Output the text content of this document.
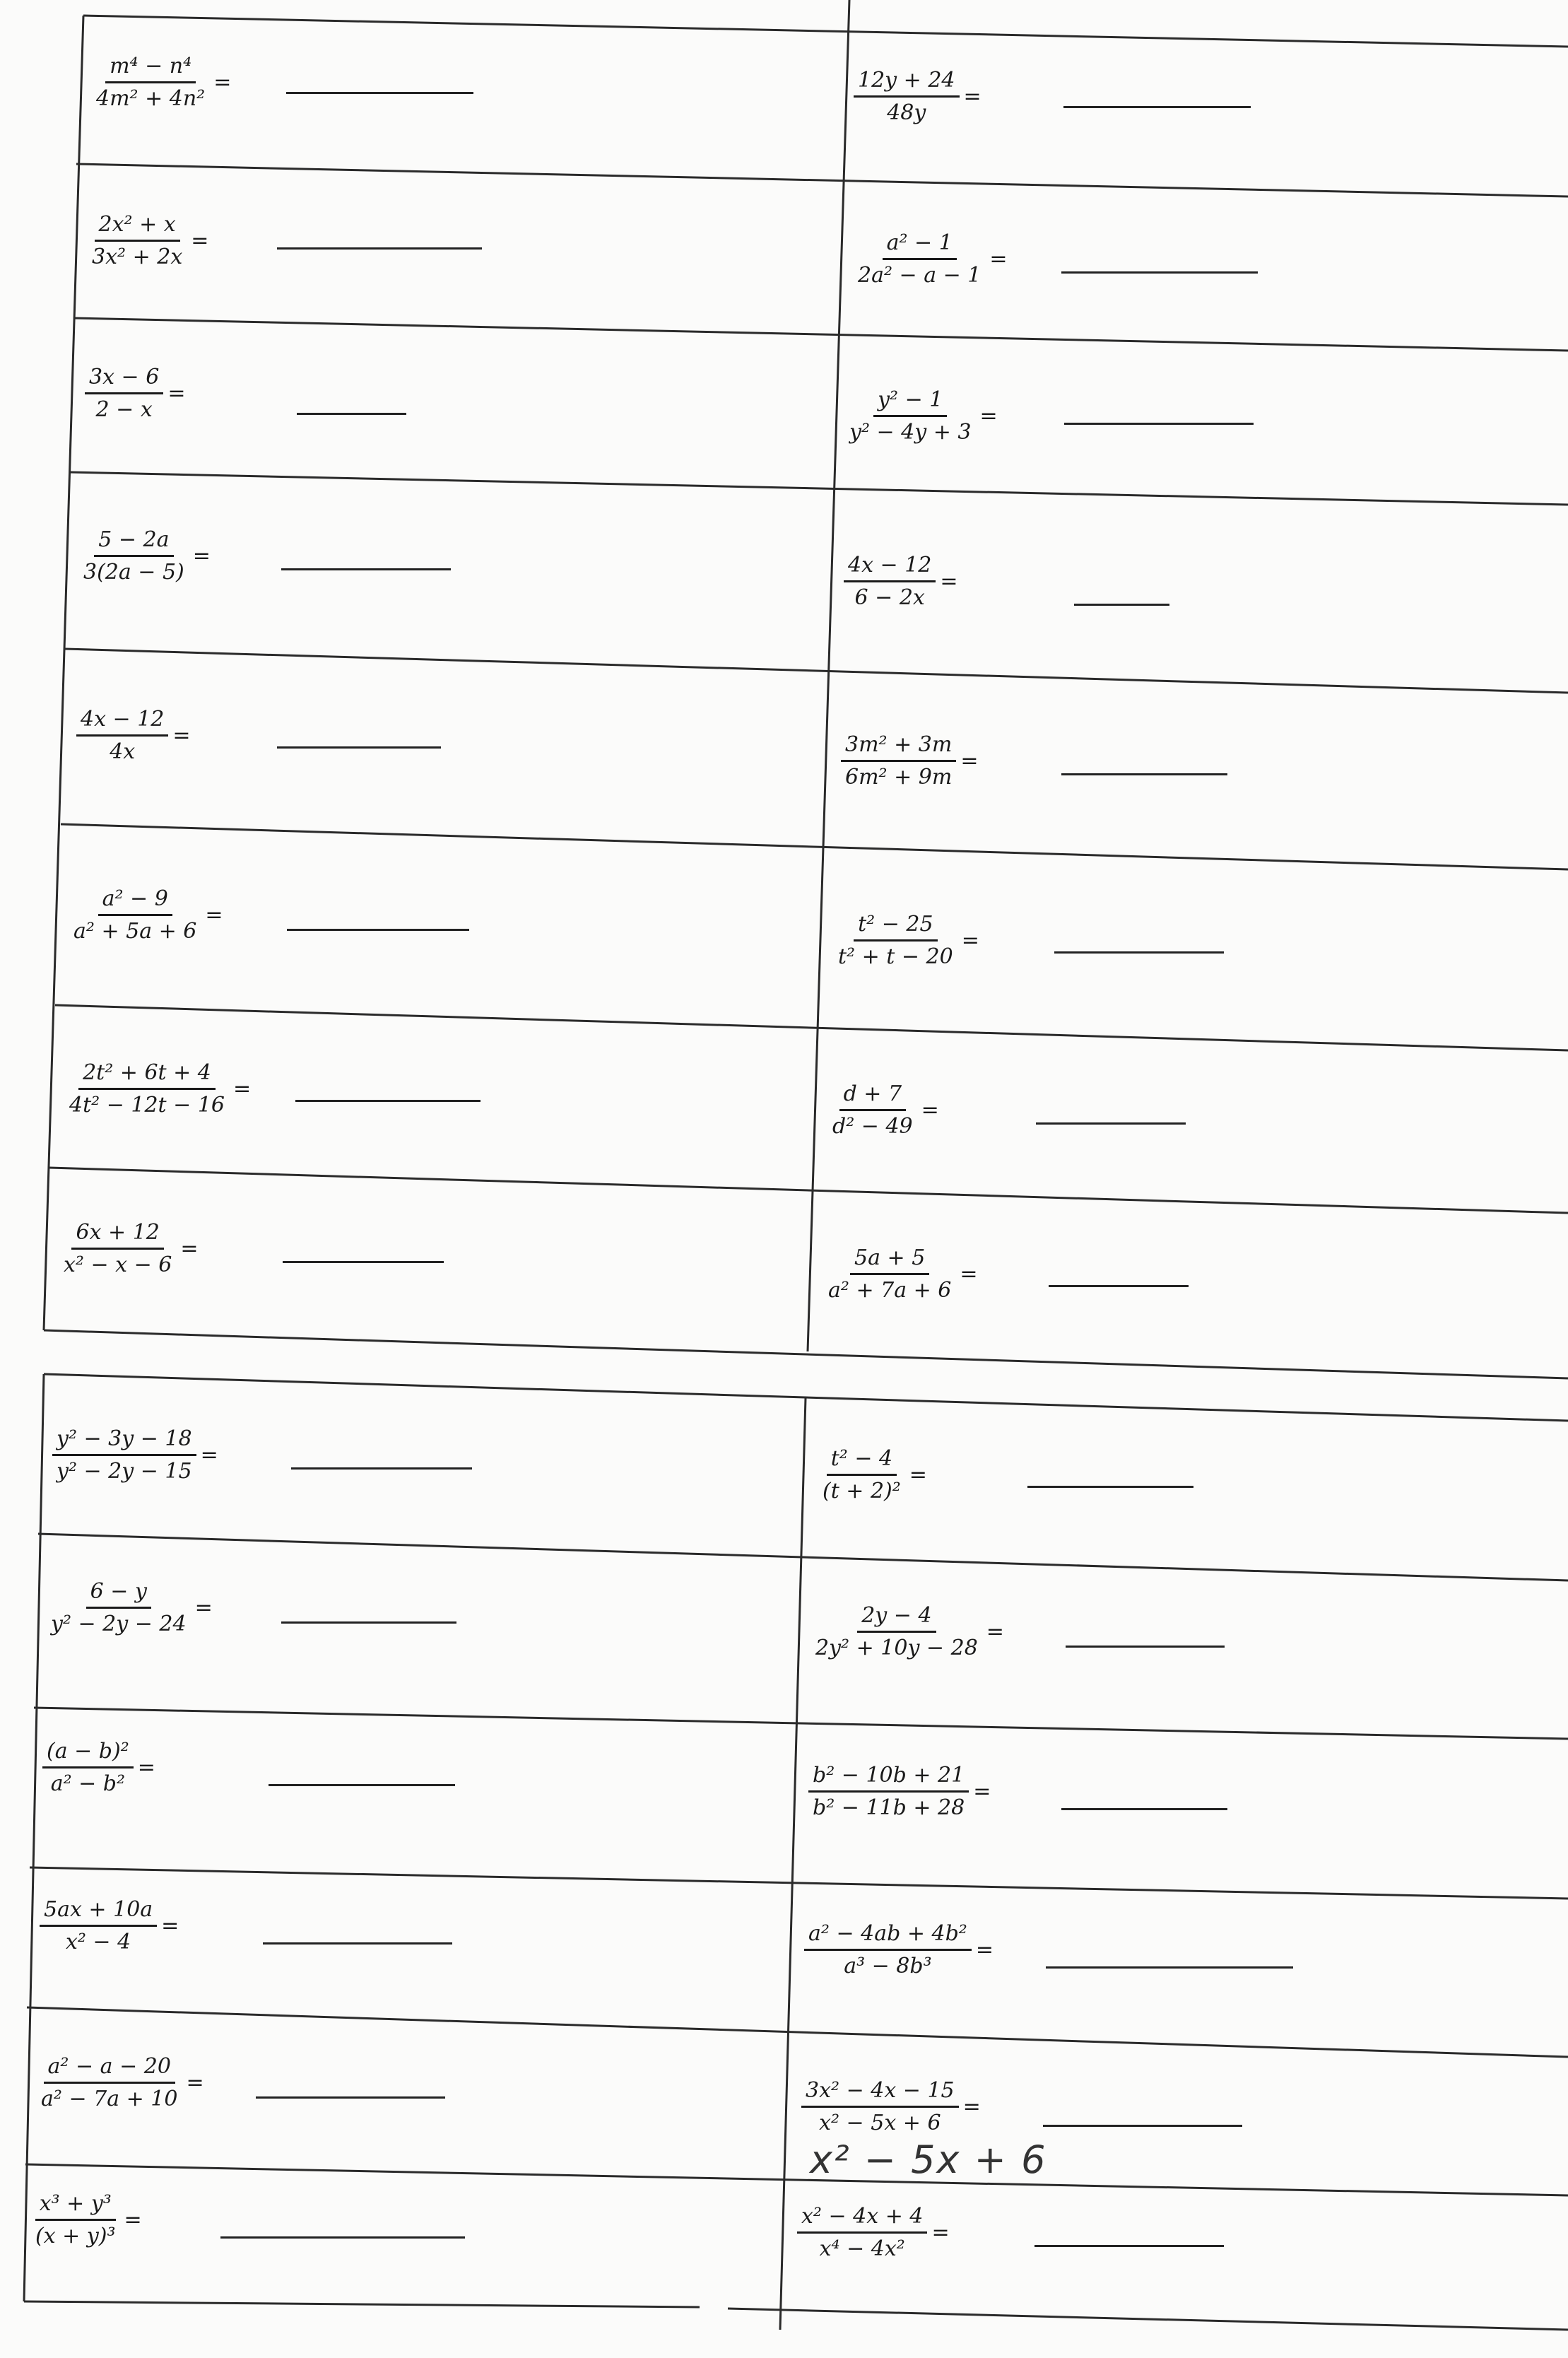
$\frac{\text{m⁴ − n⁴}}{\text{4m² + 4n²}}$ =	$\frac{12y + 24}{48y}$ =
$\frac{\text{2x² + x}}{\text{3x² + 2x}}$ =	$\frac{\text{a² − 1}}{\text{2a² − a − 1}}$ =
$\frac{3x - 6}{2 - x}$ =	$\frac{\text{y² − 1}}{\text{y² − 4y + 3}}$ =
$\frac{5 - 2a}{3(2a - 5)}$ =	$\frac{4x - 12}{6 - 2x}$ =
$\frac{4x - 12}{4x}$ =	$\frac{\text{3m² + 3m}}{\text{6m² + 9m}}$ =
$\frac{\text{a² − 9}}{\text{a² + 5a + 6}}$ =	$\frac{\text{t² − 25}}{\text{t² + t − 20}}$ =
$\frac{\text{2t² + 6t + 4}}{\text{4t² − 12t − 16}}$ =	$\frac{d + 7}{\text{d² − 49}}$ =
$\frac{6x + 12}{\text{x² − x − 6}}$ =	$\frac{5a + 5}{\text{a² + 7a + 6}}$ =
$\frac{\text{y² − 3y − 18}}{\text{y² − 2y − 15}}$ =	$\frac{\text{t² − 4}}{\text{(t + 2)²}}$ =
$\frac{6 - y}{\text{y² − 2y − 24}}$ =	$\frac{2y - 4}{\text{2y² + 10y − 28}}$ =
$\frac{\text{(a − b)²}}{\text{a² − b²}}$ =	$\frac{\text{b² − 10b + 21}}{\text{b² − 11b + 28}}$ =
$\frac{5ax + 10a}{\text{x² − 4}}$ =	$\frac{\text{a² − 4ab + 4b²}}{\text{a³ − 8b³}}$ =
$\frac{\text{a² − a − 20}}{\text{a² − 7a + 10}}$ =	$\frac{\text{3x² − 4x − 15}}{\text{x² − 5x + 6}}$ =
x² − 5x + 6
$\frac{\text{x³ + y³}}{\text{(x + y)³}}$ =	$\frac{\text{x² − 4x + 4}}{\text{x⁴ − 4x²}}$ =
